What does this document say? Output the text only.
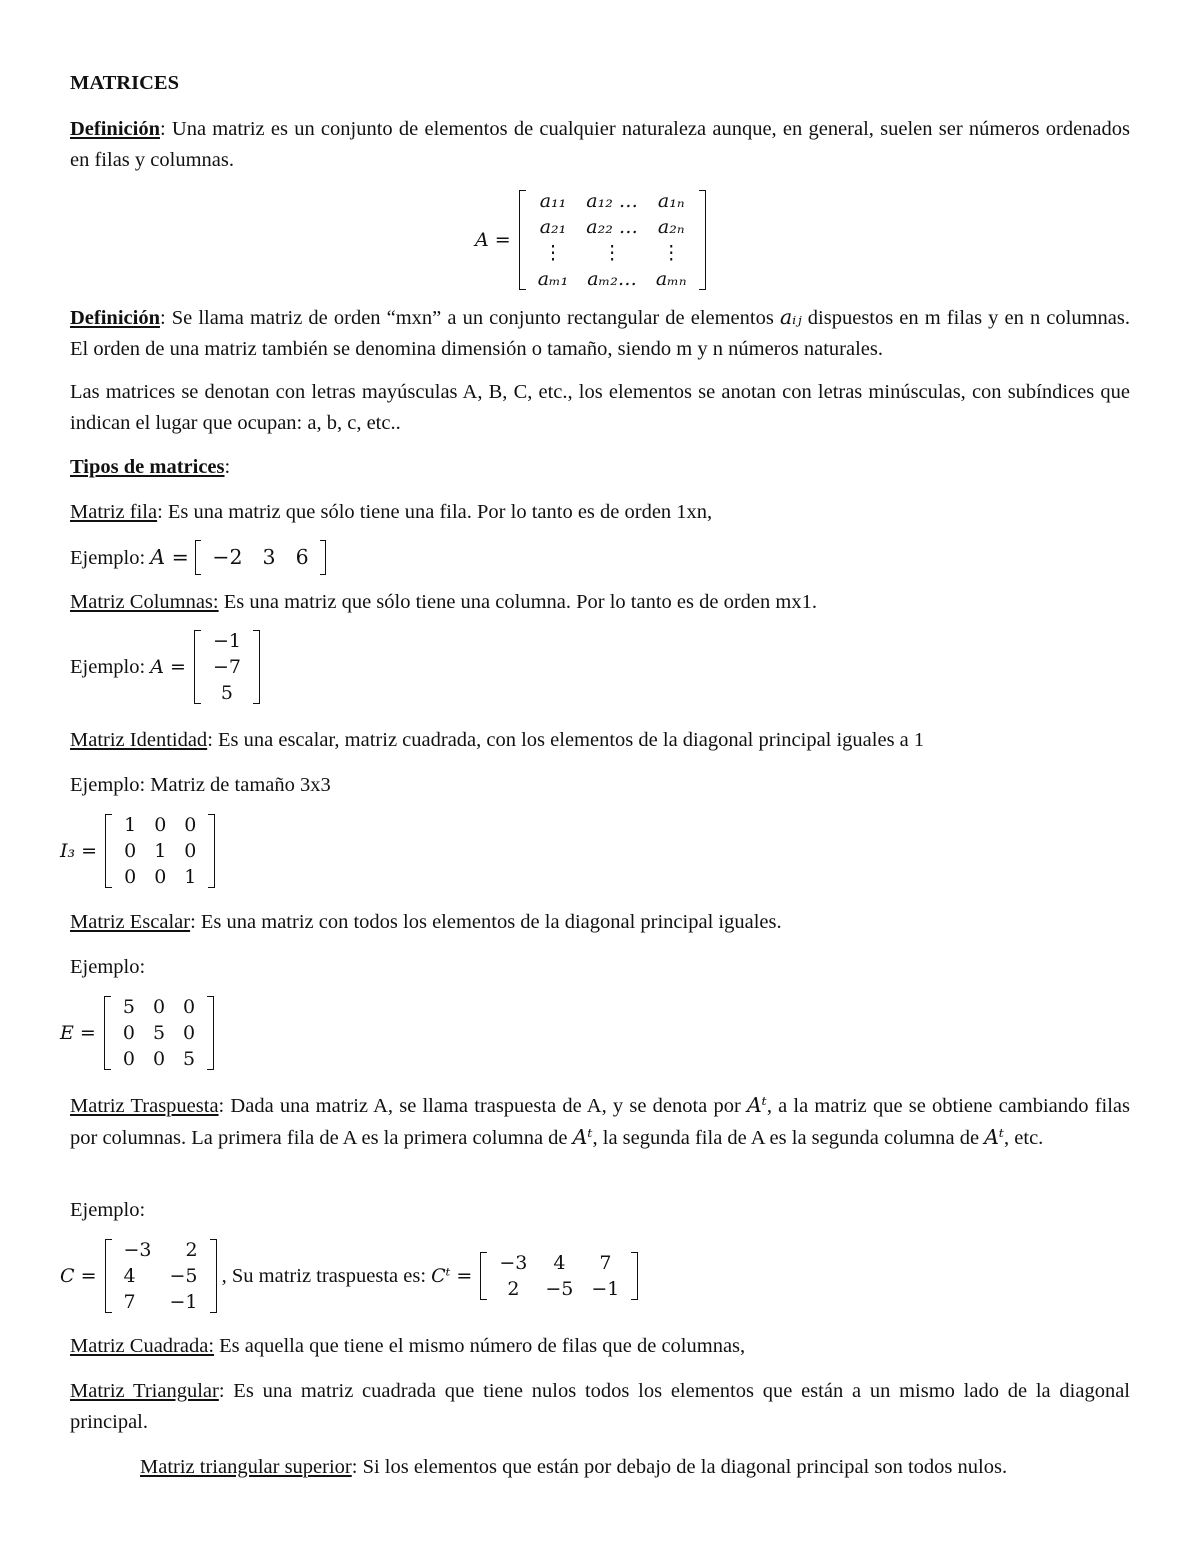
MATRICES
Definición: Una matriz es un conjunto de elementos de cualquier naturaleza aunque, en general, suelen ser números ordenados en filas y columnas.
A =
a₁₁	a₁₂ …	a₁ₙ
a₂₁	a₂₂ …	a₂ₙ
⋮	⋮	⋮
aₘ₁	aₘ₂…	aₘₙ
Definición: Se llama matriz de orden “mxn” a un conjunto rectangular de elementos aᵢⱼ dispuestos en m filas y en n columnas. El orden de una matriz también se denomina dimensión o tamaño, siendo m y n números naturales.
Las matrices se denotan con letras mayúsculas A, B, C, etc., los elementos se anotan con letras minúsculas, con subíndices que indican el lugar que ocupan: a, b, c, etc..
Tipos de matrices:
Matriz fila: Es una matriz que sólo tiene una fila. Por lo tanto es de orden 1xn,
Ejemplo: A = −2 3 6
Matriz Columnas: Es una matriz que sólo tiene una columna. Por lo tanto es de orden mx1.
Ejemplo: A =
−1
−7
5
Matriz Identidad: Es una escalar, matriz cuadrada, con los elementos de la diagonal principal iguales a 1
Ejemplo: Matriz de tamaño 3x3
I₃ =
1	0	0
0	1	0
0	0	1
Matriz Escalar: Es una matriz con todos los elementos de la diagonal principal iguales.
Ejemplo:
E =
5	0	0
0	5	0
0	0	5
Matriz Traspuesta: Dada una matriz A, se llama traspuesta de A, y se denota por Aᵗ, a la matriz que se obtiene cambiando filas por columnas. La primera fila de A es la primera columna de Aᵗ, la segunda fila de A es la segunda columna de Aᵗ, etc.
Ejemplo:
C =
−3	2
4	−5
7	−1
, Su matriz traspuesta es: Cᵗ =
−3	4	7
2	−5	−1
Matriz Cuadrada: Es aquella que tiene el mismo número de filas que de columnas,
Matriz Triangular: Es una matriz cuadrada que tiene nulos todos los elementos que están a un mismo lado de la diagonal principal.
Matriz triangular superior: Si los elementos que están por debajo de la diagonal principal son todos nulos.
